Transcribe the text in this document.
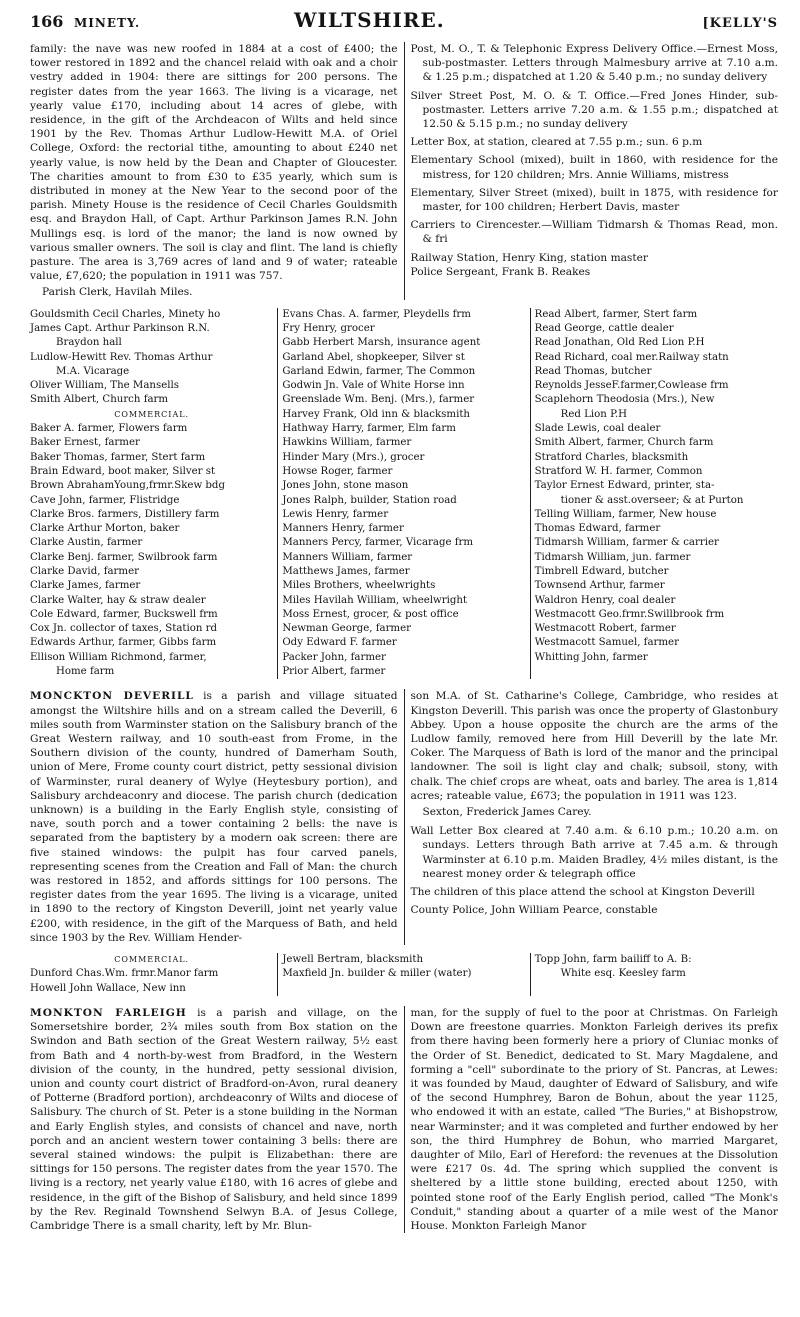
166 MINETY.	WILTSHIRE.	[KELLY'S

family: the nave was new roofed in 1884 at a cost of £400; the tower restored in 1892 and the chancel relaid with oak and a choir vestry added in 1904: there are sittings for 200 persons. The register dates from the year 1663. The living is a vicarage, net yearly value £170, including about 14 acres of glebe, with residence, in the gift of the Archdeacon of Wilts and held since 1901 by the Rev. Thomas Arthur Ludlow-Hewitt M.A. of Oriel College, Oxford: the rectorial tithe, amounting to about £240 net yearly value, is now held by the Dean and Chapter of Gloucester. The charities amount to from £30 to £35 yearly, which sum is distributed in money at the New Year to the second poor of the parish. Minety House is the residence of Cecil Charles Gouldsmith esq. and Braydon Hall, of Capt. Arthur Parkinson James R.N. John Mullings esq. is lord of the manor; the land is now owned by various smaller owners. The soil is clay and flint. The land is chiefly pasture. The area is 3,769 acres of land and 9 of water; rateable value, £7,620; the population in 1911 was 757.

Parish Clerk, Havilah Miles.

Post, M. O., T. & Telephonic Express Delivery Office.—Ernest Moss, sub-postmaster. Letters through Malmesbury arrive at 7.10 a.m. & 1.25 p.m.; dispatched at 1.20 & 5.40 p.m.; no sunday delivery

Silver Street Post, M. O. & T. Office.—Fred Jones Hinder, sub-postmaster. Letters arrive 7.20 a.m. & 1.55 p.m.; dispatched at 12.50 & 5.15 p.m.; no sunday delivery

Letter Box, at station, cleared at 7.55 p.m.; sun. 6 p.m

Elementary School (mixed), built in 1860, with residence for the mistress, for 120 children; Mrs. Annie Williams, mistress

Elementary, Silver Street (mixed), built in 1875, with residence for master, for 100 children; Herbert Davis, master

Carriers to Cirencester.—William Tidmarsh & Thomas Read, mon. & fri

Railway Station, Henry King, station master

Police Sergeant, Frank B. Reakes

Gouldsmith Cecil Charles, Minety ho
James Capt. Arthur Parkinson R.N.
Braydon hall
Ludlow-Hewitt Rev. Thomas Arthur
M.A. Vicarage
Oliver William, The Mansells
Smith Albert, Church farm
COMMERCIAL.
Baker A. farmer, Flowers farm
Baker Ernest, farmer
Baker Thomas, farmer, Stert farm
Brain Edward, boot maker, Silver st
Brown AbrahamYoung,frmr.Skew bdg
Cave John, farmer, Flistridge
Clarke Bros. farmers, Distillery farm
Clarke Arthur Morton, baker
Clarke Austin, farmer
Clarke Benj. farmer, Swilbrook farm
Clarke David, farmer
Clarke James, farmer
Clarke Walter, hay & straw dealer
Cole Edward, farmer, Buckswell frm
Cox Jn. collector of taxes, Station rd
Edwards Arthur, farmer, Gibbs farm
Ellison William Richmond, farmer,
Home farm
Evans Chas. A. farmer, Pleydells frm
Fry Henry, grocer
Gabb Herbert Marsh, insurance agent
Garland Abel, shopkeeper, Silver st
Garland Edwin, farmer, The Common
Godwin Jn. Vale of White Horse inn
Greenslade Wm. Benj. (Mrs.), farmer
Harvey Frank, Old inn & blacksmith
Hathway Harry, farmer, Elm farm
Hawkins William, farmer
Hinder Mary (Mrs.), grocer
Howse Roger, farmer
Jones John, stone mason
Jones Ralph, builder, Station road
Lewis Henry, farmer
Manners Henry, farmer
Manners Percy, farmer, Vicarage frm
Manners William, farmer
Matthews James, farmer
Miles Brothers, wheelwrights
Miles Havilah William, wheelwright
Moss Ernest, grocer, & post office
Newman George, farmer
Ody Edward F. farmer
Packer John, farmer
Prior Albert, farmer
Read Albert, farmer, Stert farm
Read George, cattle dealer
Read Jonathan, Old Red Lion P.H
Read Richard, coal mer.Railway statn
Read Thomas, butcher
Reynolds JesseF.farmer,Cowlease frm
Scaplehorn Theodosia (Mrs.), New
Red Lion P.H
Slade Lewis, coal dealer
Smith Albert, farmer, Church farm
Stratford Charles, blacksmith
Stratford W. H. farmer, Common
Taylor Ernest Edward, printer, sta-
tioner & asst.overseer; & at Purton
Telling William, farmer, New house
Thomas Edward, farmer
Tidmarsh William, farmer & carrier
Tidmarsh William, jun. farmer
Timbrell Edward, butcher
Townsend Arthur, farmer
Waldron Henry, coal dealer
Westmacott Geo.frmr.Swillbrook frm
Westmacott Robert, farmer
Westmacott Samuel, farmer
Whitting John, farmer

MONCKTON DEVERILL is a parish and village situated amongst the Wiltshire hills and on a stream called the Deverill, 6 miles south from Warminster station on the Salisbury branch of the Great Western railway, and 10 south-east from Frome, in the Southern division of the county, hundred of Damerham South, union of Mere, Frome county court district, petty sessional division of Warminster, rural deanery of Wylye (Heytesbury portion), and Salisbury archdeaconry and diocese. The parish church (dedication unknown) is a building in the Early English style, consisting of nave, south porch and a tower containing 2 bells: the nave is separated from the baptistery by a modern oak screen: there are five stained windows: the pulpit has four carved panels, representing scenes from the Creation and Fall of Man: the church was restored in 1852, and affords sittings for 100 persons. The register dates from the year 1695. The living is a vicarage, united in 1890 to the rectory of Kingston Deverill, joint net yearly value £200, with residence, in the gift of the Marquess of Bath, and held since 1903 by the Rev. William Hender-

son M.A. of St. Catharine's College, Cambridge, who resides at Kingston Deverill. This parish was once the property of Glastonbury Abbey. Upon a house opposite the church are the arms of the Ludlow family, removed here from Hill Deverill by the late Mr. Coker. The Marquess of Bath is lord of the manor and the principal landowner. The soil is light clay and chalk; subsoil, stony, with chalk. The chief crops are wheat, oats and barley. The area is 1,814 acres; rateable value, £673; the population in 1911 was 123.

Sexton, Frederick James Carey.

Wall Letter Box cleared at 7.40 a.m. & 6.10 p.m.; 10.20 a.m. on sundays. Letters through Bath arrive at 7.45 a.m. & through Warminster at 6.10 p.m. Maiden Bradley, 4½ miles distant, is the nearest money order & telegraph office

The children of this place attend the school at Kingston Deverill

County Police, John William Pearce, constable

COMMERCIAL.
Dunford Chas.Wm. frmr.Manor farm
Howell John Wallace, New inn
Jewell Bertram, blacksmith
Maxfield Jn. builder & miller (water)
Topp John, farm bailiff to A. B:
White esq. Keesley farm

MONKTON FARLEIGH is a parish and village, on the Somersetshire border, 2¾ miles south from Box station on the Swindon and Bath section of the Great Western railway, 5½ east from Bath and 4 north-by-west from Bradford, in the Western division of the county, in the hundred, petty sessional division, union and county court district of Bradford-on-Avon, rural deanery of Potterne (Bradford portion), archdeaconry of Wilts and diocese of Salisbury. The church of St. Peter is a stone building in the Norman and Early English styles, and consists of chancel and nave, north porch and an ancient western tower containing 3 bells: there are several stained windows: the pulpit is Elizabethan: there are sittings for 150 persons. The register dates from the year 1570. The living is a rectory, net yearly value £180, with 16 acres of glebe and residence, in the gift of the Bishop of Salisbury, and held since 1899 by the Rev. Reginald Townshend Selwyn B.A. of Jesus College, Cambridge There is a small charity, left by Mr. Blun-

man, for the supply of fuel to the poor at Christmas. On Farleigh Down are freestone quarries. Monkton Farleigh derives its prefix from there having been formerly here a priory of Cluniac monks of the Order of St. Benedict, dedicated to St. Mary Magdalene, and forming a "cell" subordinate to the priory of St. Pancras, at Lewes: it was founded by Maud, daughter of Edward of Salisbury, and wife of the second Humphrey, Baron de Bohun, about the year 1125, who endowed it with an estate, called "The Buries," at Bishopstrow, near Warminster; and it was completed and further endowed by her son, the third Humphrey de Bohun, who married Margaret, daughter of Milo, Earl of Hereford: the revenues at the Dissolution were £217 0s. 4d. The spring which supplied the convent is sheltered by a little stone building, erected about 1250, with pointed stone roof of the Early English period, called "The Monk's Conduit," standing about a quarter of a mile west of the Manor House. Monkton Farleigh Manor
